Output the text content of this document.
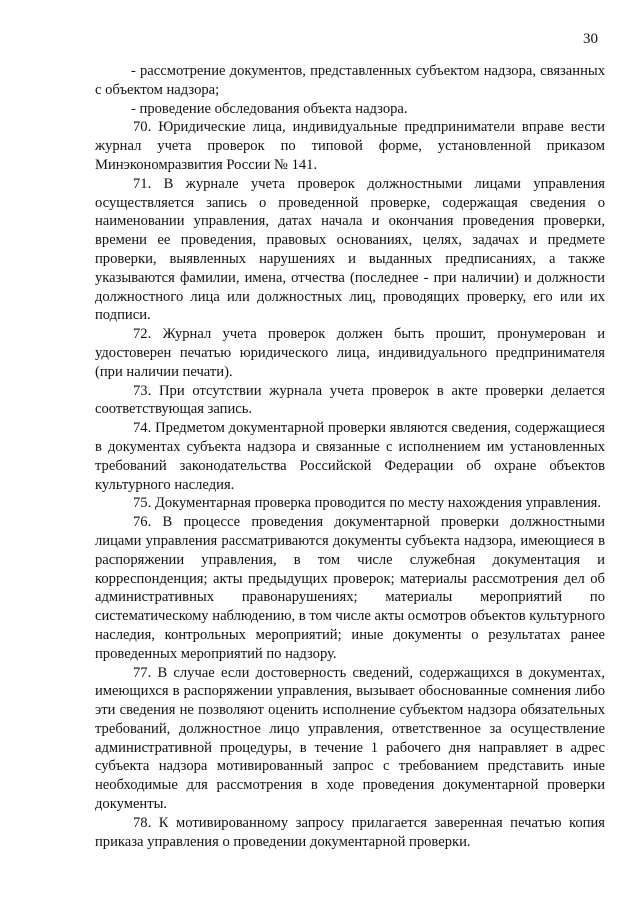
30

- рассмотрение документов, представленных субъектом надзора, связанных с объектом надзора;

- проведение обследования объекта надзора.

70. Юридические лица, индивидуальные предприниматели вправе вести журнал учета проверок по типовой форме, установленной приказом Минэкономразвития России № 141.

71. В журнале учета проверок должностными лицами управления осуществляется запись о проведенной проверке, содержащая сведения о наименовании управления, датах начала и окончания проведения проверки, времени ее проведения, правовых основаниях, целях, задачах и предмете проверки, выявленных нарушениях и выданных предписаниях, а также указываются фамилии, имена, отчества (последнее - при наличии) и должности должностного лица или должностных лиц, проводящих проверку, его или их подписи.

72. Журнал учета проверок должен быть прошит, пронумерован и удостоверен печатью юридического лица, индивидуального предпринимателя (при наличии печати).

73. При отсутствии журнала учета проверок в акте проверки делается соответствующая запись.

74. Предметом документарной проверки являются сведения, содержащиеся в документах субъекта надзора и связанные с исполнением им установленных требований законодательства Российской Федерации об охране объектов культурного наследия.

75. Документарная проверка проводится по месту нахождения управления.

76. В процессе проведения документарной проверки должностными лицами управления рассматриваются документы субъекта надзора, имеющиеся в распоряжении управления, в том числе служебная документация и корреспонденция; акты предыдущих проверок; материалы рассмотрения дел об административных правонарушениях; материалы мероприятий по систематическому наблюдению, в том числе акты осмотров объектов культурного наследия, контрольных мероприятий; иные документы о результатах ранее проведенных мероприятий по надзору.

77. В случае если достоверность сведений, содержащихся в документах, имеющихся в распоряжении управления, вызывает обоснованные сомнения либо эти сведения не позволяют оценить исполнение субъектом надзора обязательных требований, должностное лицо управления, ответственное за осуществление административной процедуры, в течение 1 рабочего дня направляет в адрес субъекта надзора мотивированный запрос с требованием представить иные необходимые для рассмотрения в ходе проведения документарной проверки документы.

78. К мотивированному запросу прилагается заверенная печатью копия приказа управления о проведении документарной проверки.
